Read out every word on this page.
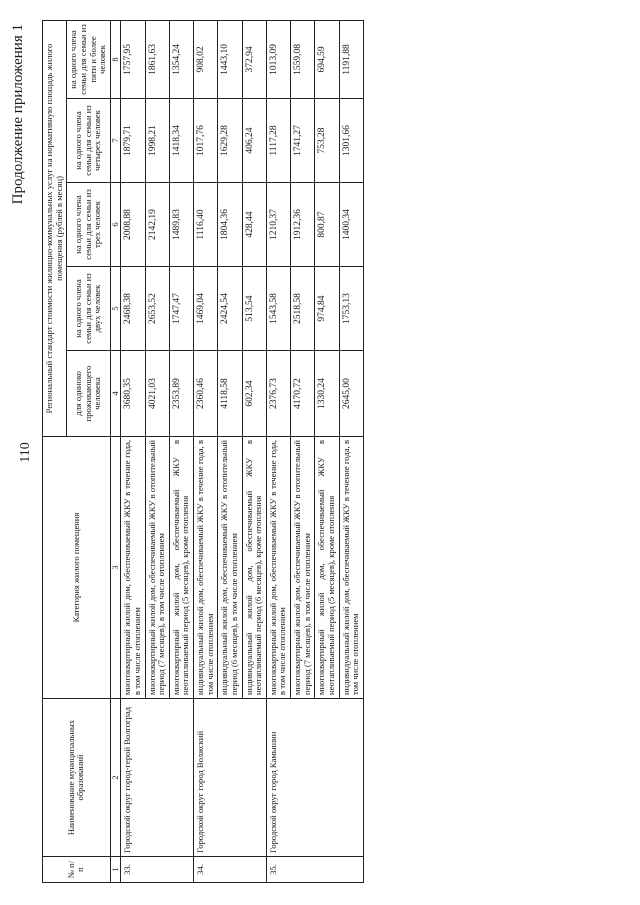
110
Продолжение приложения 1
№ п/п	Наименование муниципальных образований	Категория жилого помещения	Региональный стандарт стоимости жилищно-коммунальных услуг на нормативную площадь жилого помещения (рублей в месяц)				
			для одиноко проживающего человека	на одного члена семьи для семьи из двух человек	на одного члена семьи для семьи из трех человек	на одного члена семьи для семьи из четырех человек	на одного члена семьи для семьи из пяти и более человек
1	2	3	4	5	6	7	8
33.	Городской округ город-герой Волгоград	многоквартирный жилой дом, обеспечиваемый ЖКУ в течение года, в том числе отоплением	3680,35	2468,38	2008,88	1879,71	1757,95
		многоквартирный жилой дом, обеспечиваемый ЖКУ в отопительный период (7 месяцев), в том числе отоплением	4021,03	2653,52	2142,19	1998,21	1861,63
		многоквартирный жилой дом, обеспечиваемый ЖКУ в неотапливаемый период (5 месяцев), кроме отопления	2353,89	1747,47	1489,83	1418,34	1354,24
34.	Городской округ город Волжский	индивидуальный жилой дом, обеспечиваемый ЖКУ в течение года, в том числе отоплением	2360,46	1469,04	1116,40	1017,76	908,02
		индивидуальный жилой дом, обеспечиваемый ЖКУ в отопительный период (6 месяцев), в том числе отоплением	4118,58	2424,54	1804,36	1629,28	1443,10
		индивидуальный жилой дом, обеспечиваемый ЖКУ в неотапливаемый период (6 месяцев), кроме отопления	602,34	513,54	428,44	406,24	372,94
35.	Городской округ город Камышин	многоквартирный жилой дом, обеспечиваемый ЖКУ в течение года, в том числе отоплением	2376,73	1543,58	1210,37	1117,28	1013,09
		многоквартирный жилой дом, обеспечиваемый ЖКУ в отопительный период (7 месяцев), в том числе отоплением	4170,72	2518,58	1912,36	1741,27	1559,08
		многоквартирный жилой дом, обеспечиваемый ЖКУ в неотапливаемый период (5 месяцев), кроме отопления	1330,24	974,84	800,87	753,28	694,59
		индивидуальный жилой дом, обеспечиваемый ЖКУ в течение года, в том числе отоплением	2645,00	1753,13	1400,34	1301,66	1191,88
